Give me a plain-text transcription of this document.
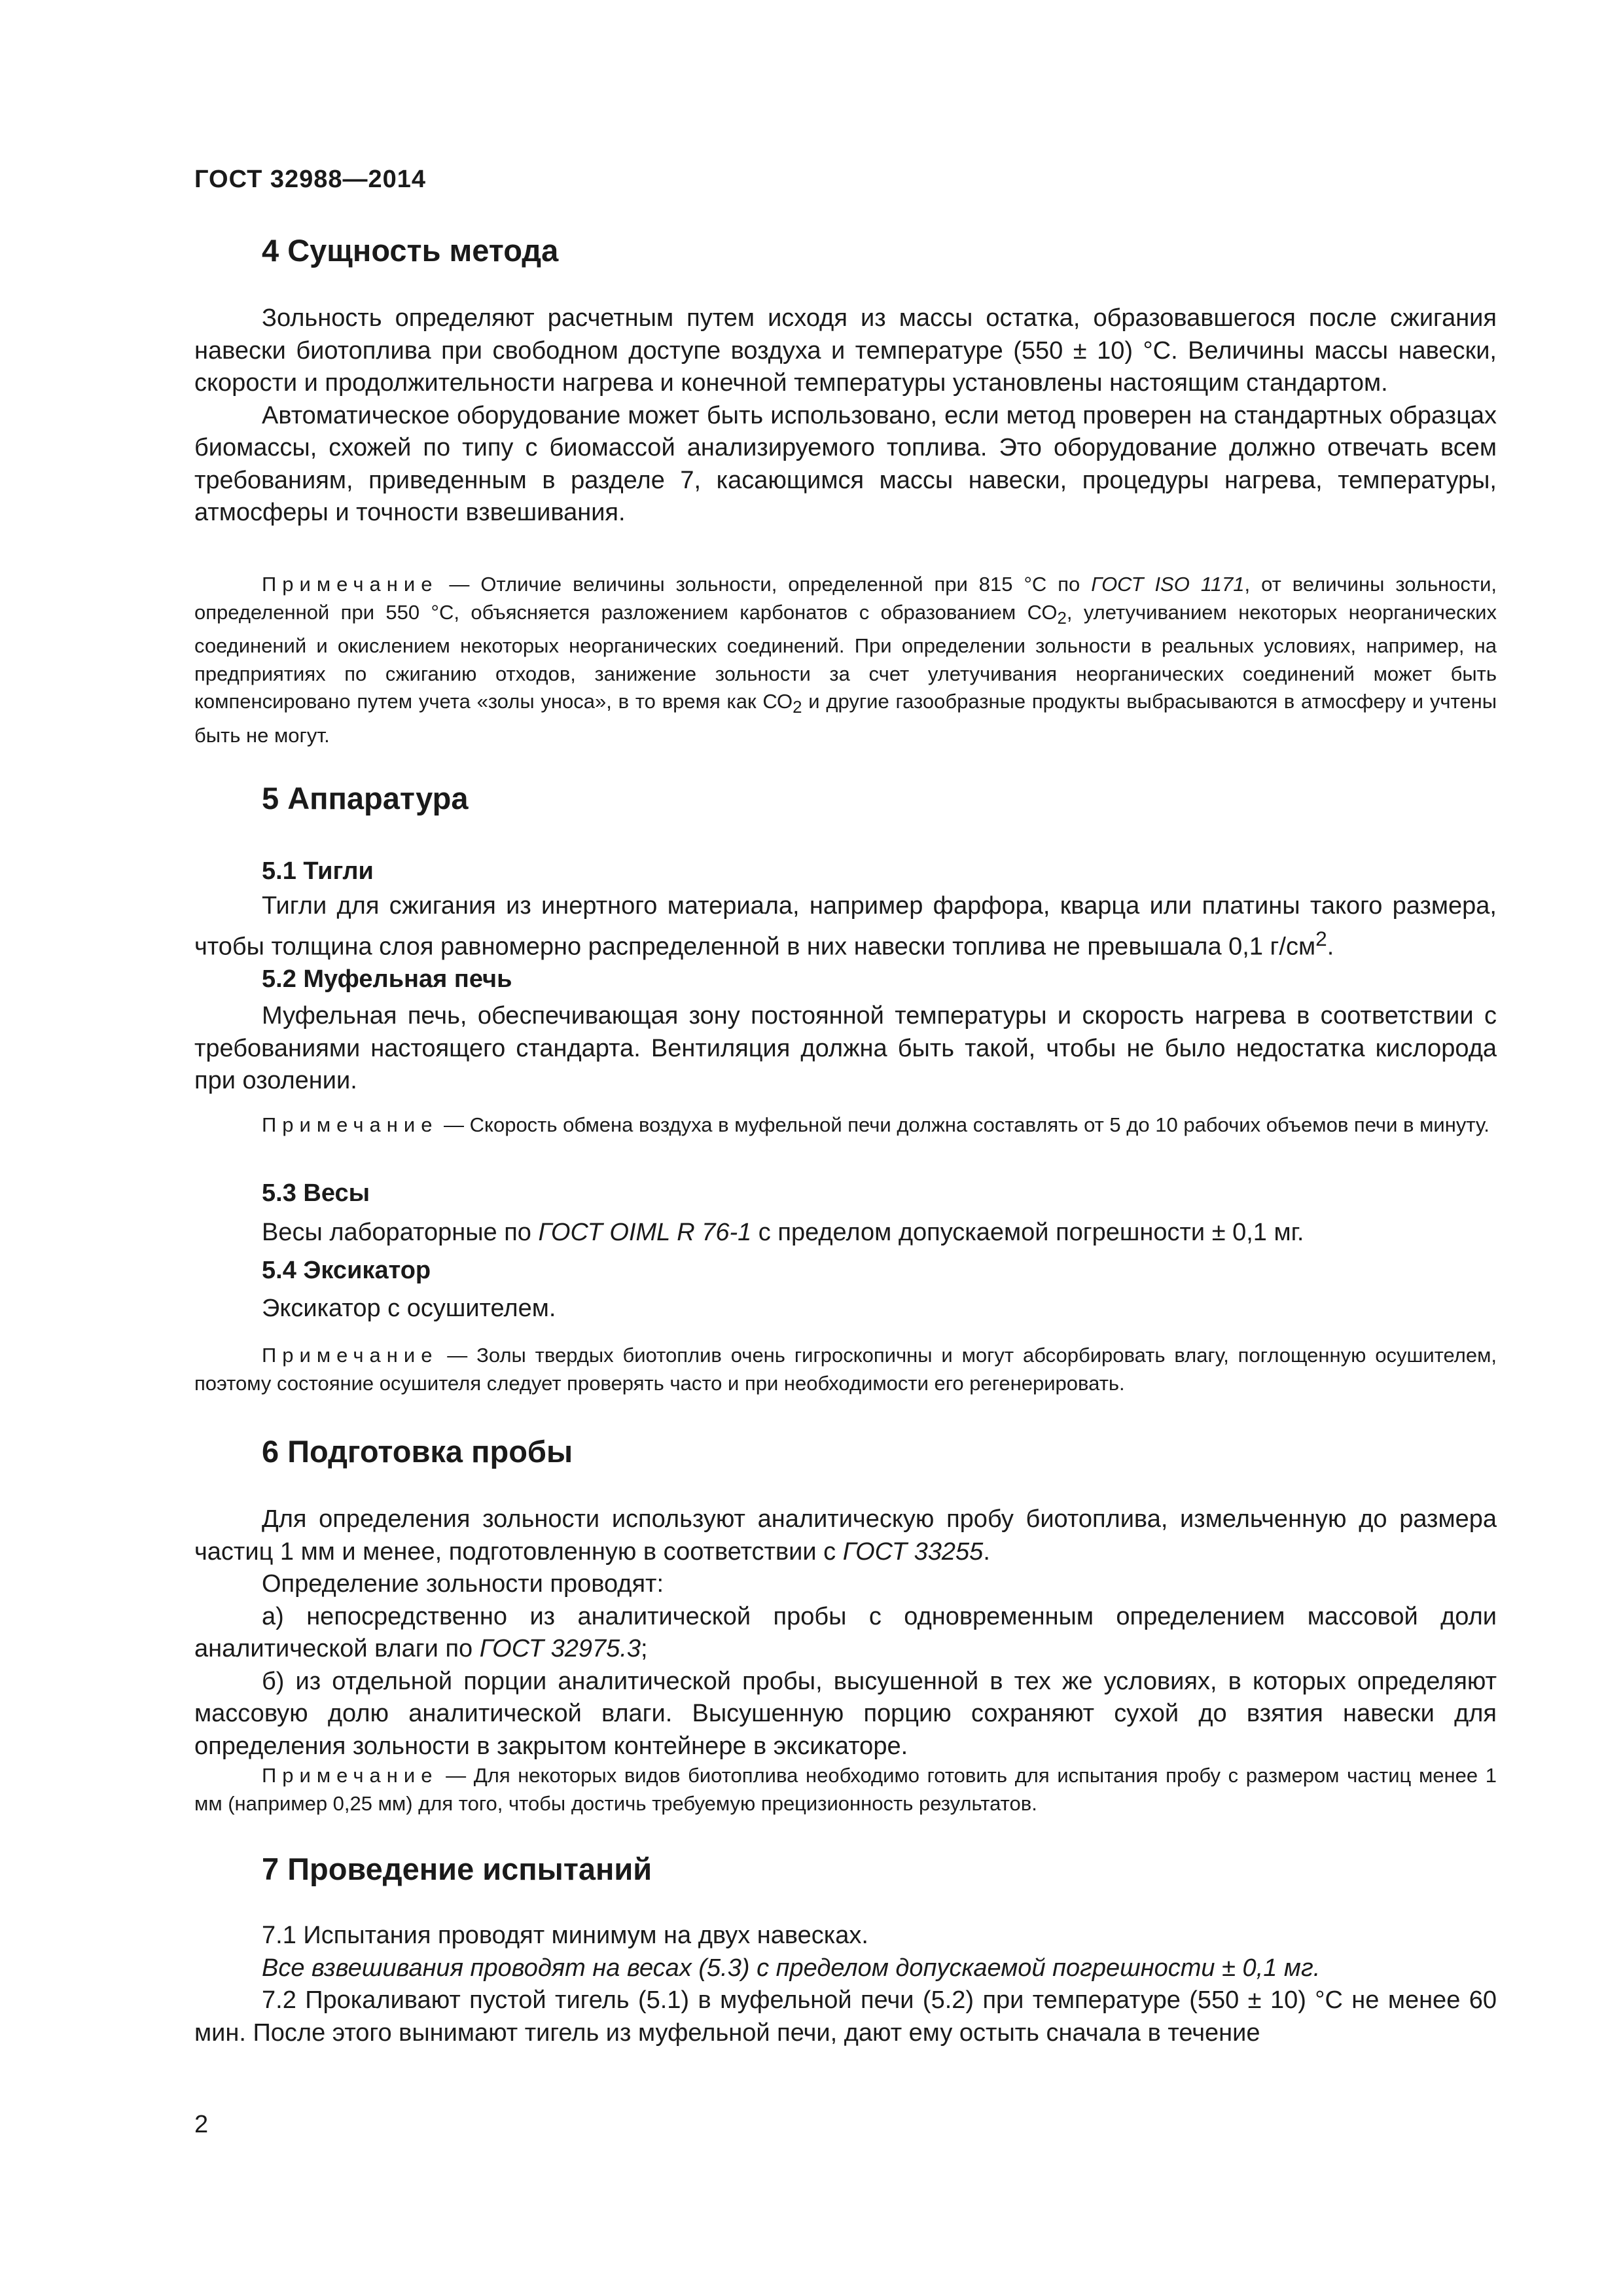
ГОСТ 32988—2014
4 Сущность метода

Зольность определяют расчетным путем исходя из массы остатка, образовавшегося после сжигания навески биотоплива при свободном доступе воздуха и температуре (550 ± 10) °С. Величины массы навески, скорости и продолжительности нагрева и конечной температуры установлены настоящим стандартом.

Автоматическое оборудование может быть использовано, если метод проверен на стандартных образцах биомассы, схожей по типу с биомассой анализируемого топлива. Это оборудование должно отвечать всем требованиям, приведенным в разделе 7, касающимся массы навески, процедуры нагрева, температуры, атмосферы и точности взвешивания.

Примечание — Отличие величины зольности, определенной при 815 °С по ГОСТ ISO 1171, от величины зольности, определенной при 550 °С, объясняется разложением карбонатов с образованием $СО_2$, улетучиванием некоторых неорганических соединений и окислением некоторых неорганических соединений. При определении зольности в реальных условиях, например, на предприятиях по сжиганию отходов, занижение зольности за счет улетучивания неорганических соединений может быть компенсировано путем учета «золы уноса», в то время как $СО_2$ и другие газообразные продукты выбрасываются в атмосферу и учтены быть не могут.

5 Аппаратура
5.1 Тигли

Тигли для сжигания из инертного материала, например фарфора, кварца или платины такого размера, чтобы толщина слоя равномерно распределенной в них навески топлива не превышала 0,1 $г/см^2$.

5.2 Муфельная печь

Муфельная печь, обеспечивающая зону постоянной температуры и скорость нагрева в соответствии с требованиями настоящего стандарта. Вентиляция должна быть такой, чтобы не было недостатка кислорода при озолении.

Примечание — Скорость обмена воздуха в муфельной печи должна составлять от 5 до 10 рабочих объемов печи в минуту.

5.3 Весы
Весы лабораторные по ГОСТ OIML R 76-1 с пределом допускаемой погрешности ± 0,1 мг.
5.4 Эксикатор
Эксикатор с осушителем.

Примечание — Золы твердых биотоплив очень гигроскопичны и могут абсорбировать влагу, поглощенную осушителем, поэтому состояние осушителя следует проверять часто и при необходимости его регенерировать.

6 Подготовка пробы

Для определения зольности используют аналитическую пробу биотоплива, измельченную до размера частиц 1 мм и менее, подготовленную в соответствии с ГОСТ 33255.

Определение зольности проводят:

а) непосредственно из аналитической пробы с одновременным определением массовой доли аналитической влаги по ГОСТ 32975.3;

б) из отдельной порции аналитической пробы, высушенной в тех же условиях, в которых определяют массовую долю аналитической влаги. Высушенную порцию сохраняют сухой до взятия навески для определения зольности в закрытом контейнере в эксикаторе.

Примечание — Для некоторых видов биотоплива необходимо готовить для испытания пробу с размером частиц менее 1 мм (например 0,25 мм) для того, чтобы достичь требуемую прецизионность результатов.

7 Проведение испытаний

7.1 Испытания проводят минимум на двух навесках.

Все взвешивания проводят на весах (5.3) с пределом допускаемой погрешности ± 0,1 мг.

7.2 Прокаливают пустой тигель (5.1) в муфельной печи (5.2) при температуре (550 ± 10) °С не менее 60 мин. После этого вынимают тигель из муфельной печи, дают ему остыть сначала в течение

2
